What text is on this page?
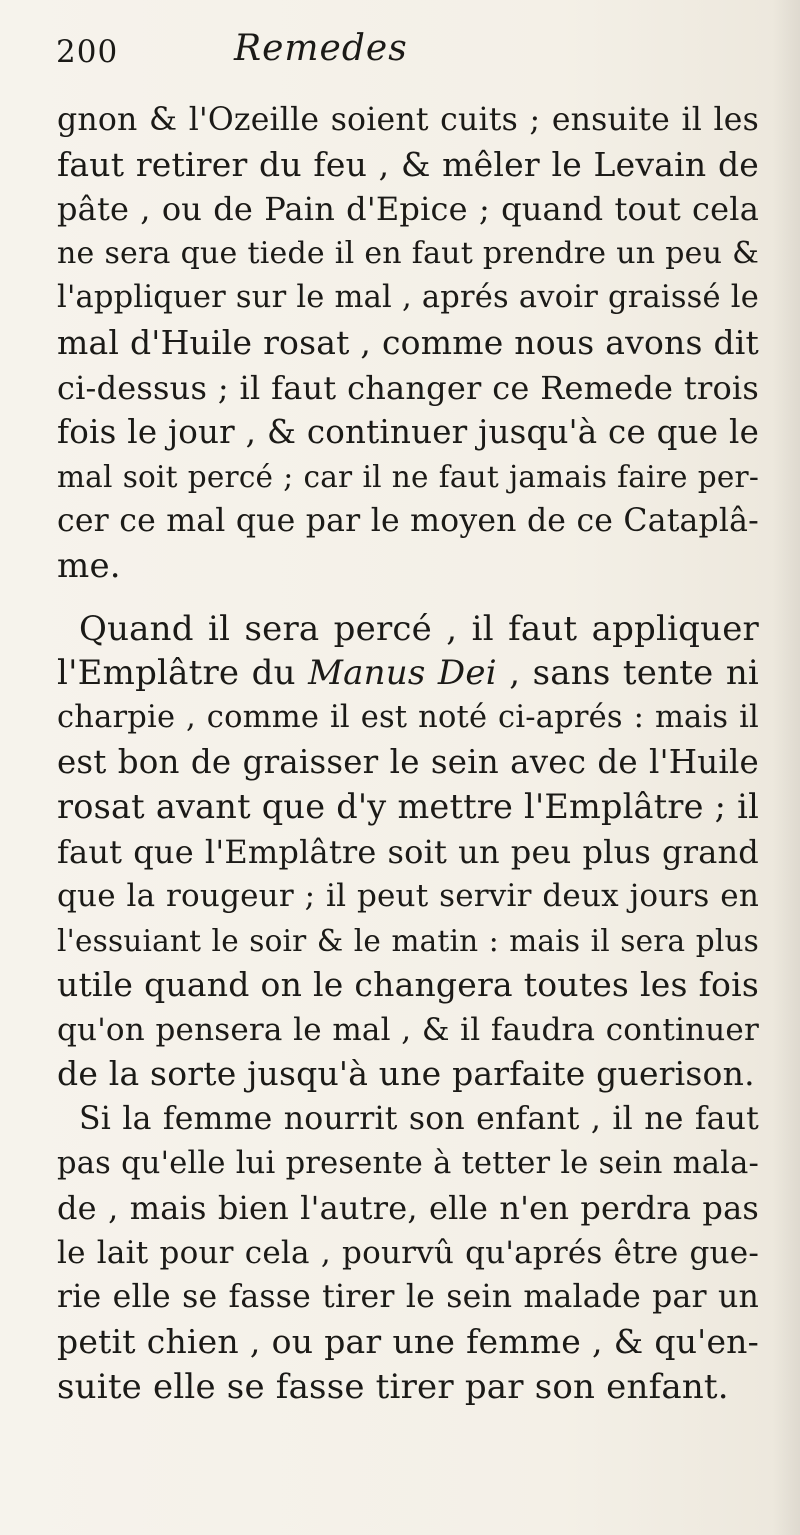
200	Remedes
gnon & l'Ozeille soient cuits ; ensuite il les
faut retirer du feu , & mêler le Levain de
pâte , ou de Pain d'Epice ; quand tout cela
ne sera que tiede il en faut prendre un peu &
l'appliquer sur le mal , aprés avoir graissé le
mal d'Huile rosat , comme nous avons dit
ci-dessus ; il faut changer ce Remede trois
fois le jour , & continuer jusqu'à ce que le
mal soit percé ; car il ne faut jamais faire per-
cer ce mal que par le moyen de ce Cataplâ-
me.
Quand il sera percé , il faut appliquer
l'Emplâtre du Manus Dei , sans tente ni
charpie , comme il est noté ci-aprés : mais il
est bon de graisser le sein avec de l'Huile
rosat avant que d'y mettre l'Emplâtre ; il
faut que l'Emplâtre soit un peu plus grand
que la rougeur ; il peut servir deux jours en
l'essuiant le soir & le matin : mais il sera plus
utile quand on le changera toutes les fois
qu'on pensera le mal , & il faudra continuer
de la sorte jusqu'à une parfaite guerison.
Si la femme nourrit son enfant , il ne faut
pas qu'elle lui presente à tetter le sein mala-
de , mais bien l'autre, elle n'en perdra pas
le lait pour cela , pourvû qu'aprés être gue-
rie elle se fasse tirer le sein malade par un
petit chien , ou par une femme , & qu'en-
suite elle se fasse tirer par son enfant.
